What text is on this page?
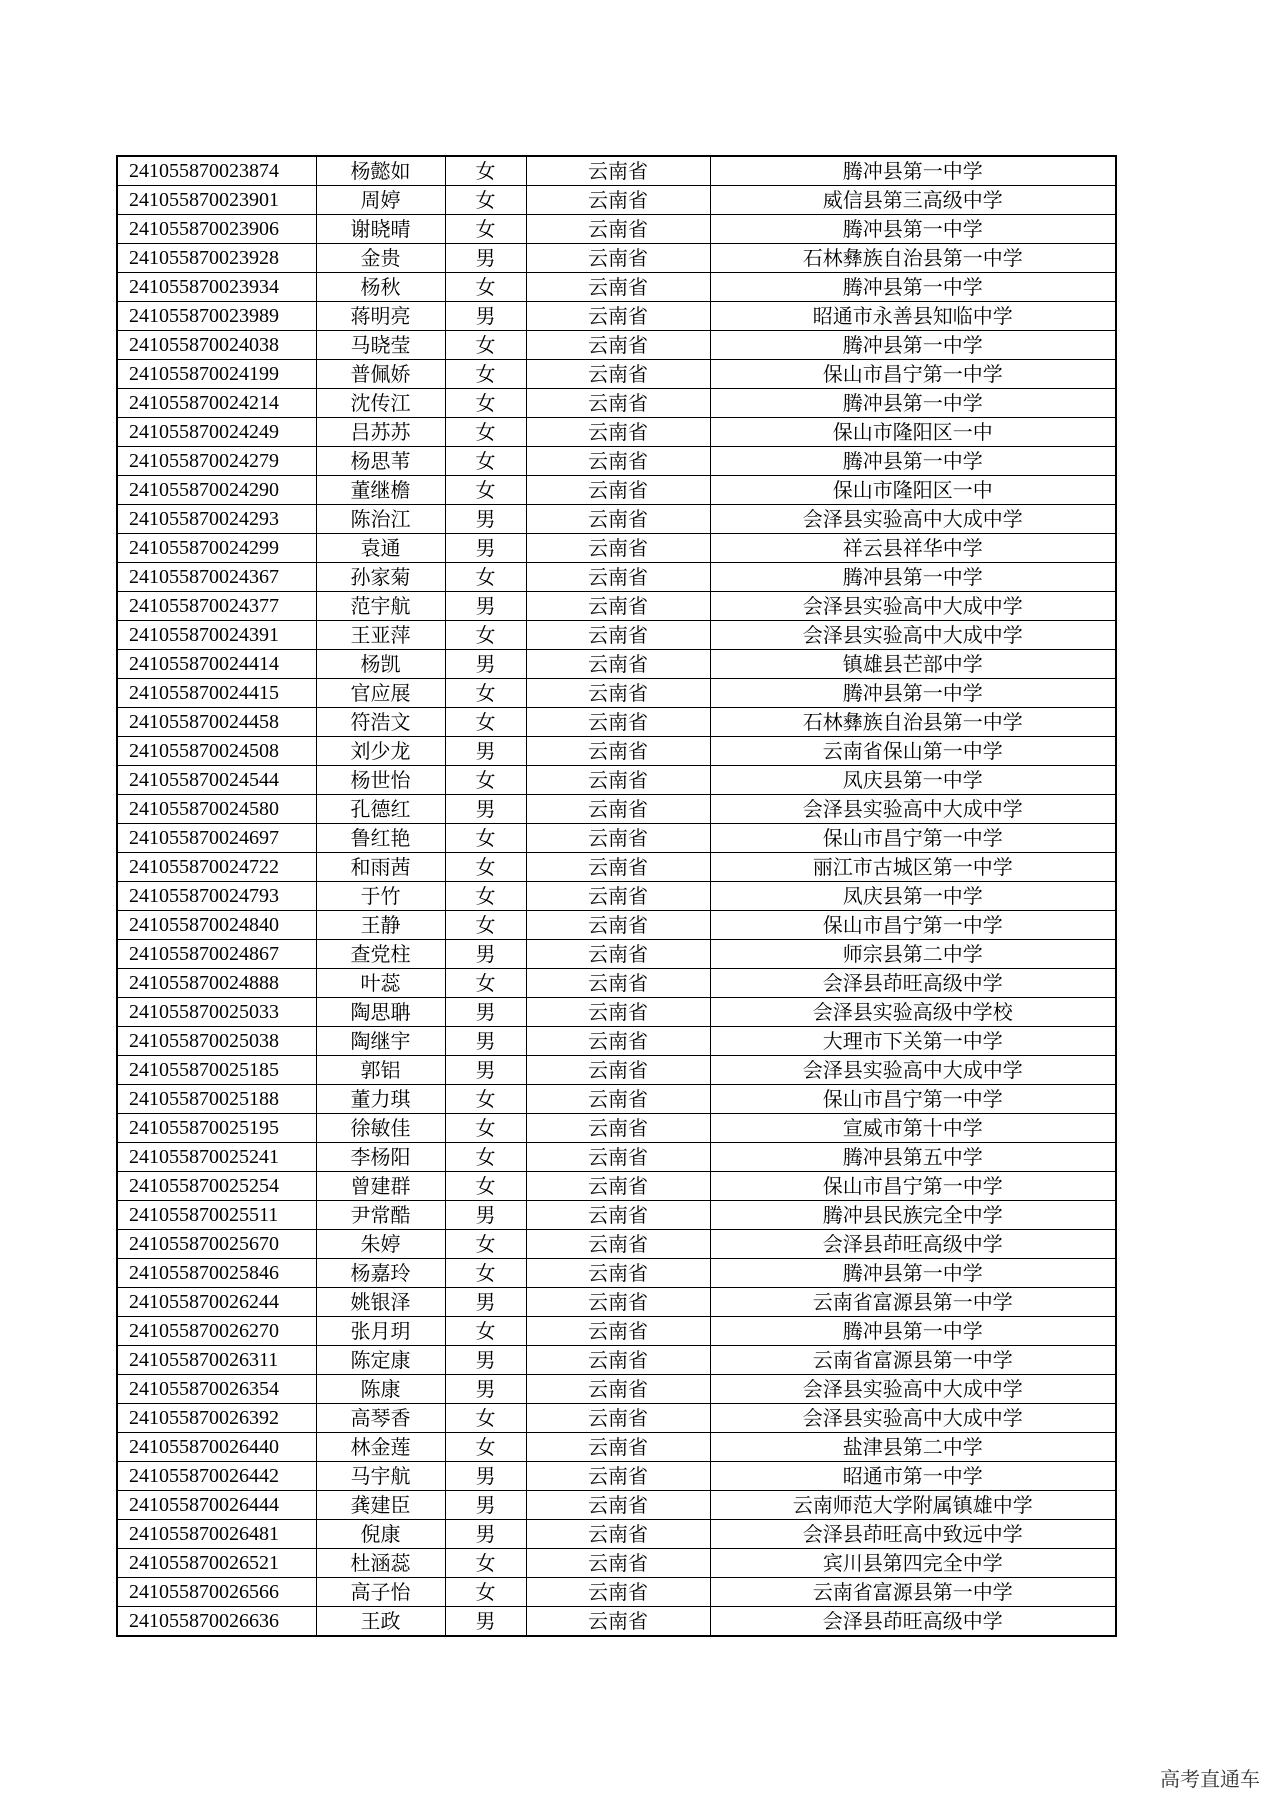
241055870023874	杨懿如	女	云南省	腾冲县第一中学
241055870023901	周婷	女	云南省	威信县第三高级中学
241055870023906	谢晓晴	女	云南省	腾冲县第一中学
241055870023928	金贵	男	云南省	石林彝族自治县第一中学
241055870023934	杨秋	女	云南省	腾冲县第一中学
241055870023989	蒋明亮	男	云南省	昭通市永善县知临中学
241055870024038	马晓莹	女	云南省	腾冲县第一中学
241055870024199	普佩娇	女	云南省	保山市昌宁第一中学
241055870024214	沈传江	女	云南省	腾冲县第一中学
241055870024249	吕苏苏	女	云南省	保山市隆阳区一中
241055870024279	杨思苇	女	云南省	腾冲县第一中学
241055870024290	董继檐	女	云南省	保山市隆阳区一中
241055870024293	陈治江	男	云南省	会泽县实验高中大成中学
241055870024299	袁通	男	云南省	祥云县祥华中学
241055870024367	孙家菊	女	云南省	腾冲县第一中学
241055870024377	范宇航	男	云南省	会泽县实验高中大成中学
241055870024391	王亚萍	女	云南省	会泽县实验高中大成中学
241055870024414	杨凯	男	云南省	镇雄县芒部中学
241055870024415	官应展	女	云南省	腾冲县第一中学
241055870024458	符浩文	女	云南省	石林彝族自治县第一中学
241055870024508	刘少龙	男	云南省	云南省保山第一中学
241055870024544	杨世怡	女	云南省	凤庆县第一中学
241055870024580	孔德红	男	云南省	会泽县实验高中大成中学
241055870024697	鲁红艳	女	云南省	保山市昌宁第一中学
241055870024722	和雨茜	女	云南省	丽江市古城区第一中学
241055870024793	于竹	女	云南省	凤庆县第一中学
241055870024840	王静	女	云南省	保山市昌宁第一中学
241055870024867	查党柱	男	云南省	师宗县第二中学
241055870024888	叶蕊	女	云南省	会泽县茚旺高级中学
241055870025033	陶思聃	男	云南省	会泽县实验高级中学校
241055870025038	陶继宇	男	云南省	大理市下关第一中学
241055870025185	郭铝	男	云南省	会泽县实验高中大成中学
241055870025188	董力琪	女	云南省	保山市昌宁第一中学
241055870025195	徐敏佳	女	云南省	宣威市第十中学
241055870025241	李杨阳	女	云南省	腾冲县第五中学
241055870025254	曾建群	女	云南省	保山市昌宁第一中学
241055870025511	尹常酷	男	云南省	腾冲县民族完全中学
241055870025670	朱婷	女	云南省	会泽县茚旺高级中学
241055870025846	杨嘉玲	女	云南省	腾冲县第一中学
241055870026244	姚银泽	男	云南省	云南省富源县第一中学
241055870026270	张月玥	女	云南省	腾冲县第一中学
241055870026311	陈定康	男	云南省	云南省富源县第一中学
241055870026354	陈康	男	云南省	会泽县实验高中大成中学
241055870026392	高琴香	女	云南省	会泽县实验高中大成中学
241055870026440	林金莲	女	云南省	盐津县第二中学
241055870026442	马宇航	男	云南省	昭通市第一中学
241055870026444	龚建臣	男	云南省	云南师范大学附属镇雄中学
241055870026481	倪康	男	云南省	会泽县茚旺高中致远中学
241055870026521	杜涵蕊	女	云南省	宾川县第四完全中学
241055870026566	高子怡	女	云南省	云南省富源县第一中学
241055870026636	王政	男	云南省	会泽县茚旺高级中学
高考直通车
